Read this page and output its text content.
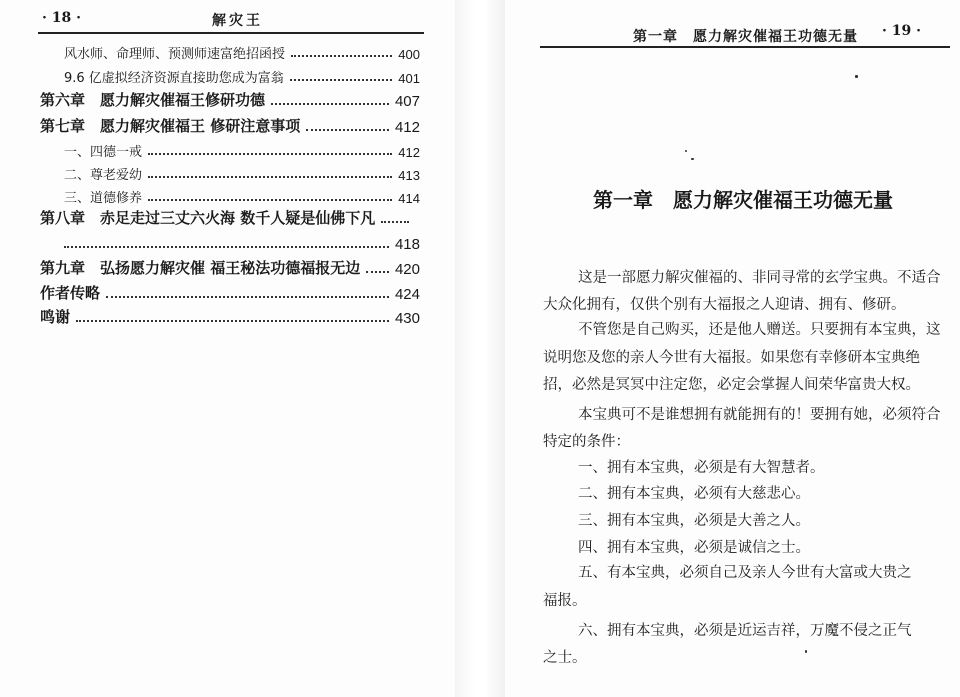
· 18 ·	解灾王
风水师、命理师、预测师速富绝招函授	400
9.6 亿虚拟经济资源直接助您成为富翁	401
第六章　愿力解灾催福王修研功德	407
第七章　愿力解灾催福王 修研注意事项	412
一、四德一戒	412
二、尊老爱幼	413
三、道德修养	414
第八章　赤足走过三丈六火海 数千人疑是仙佛下凡
418
第九章　弘扬愿力解灾催 福王秘法功德福报无边 420
作者传略	424
鸣谢	430
第一章　愿力解灾催福王功德无量 · 19 ·
第一章　愿力解灾催福王功德无量
这是一部愿力解灾催福的、非同寻常的玄学宝典。不适合
大众化拥有，仅供个别有大福报之人迎请、拥有、修研。
不管您是自己购买，还是他人赠送。只要拥有本宝典，这
说明您及您的亲人今世有大福报。如果您有幸修研本宝典绝
招，必然是冥冥中注定您，必定会掌握人间荣华富贵大权。
本宝典可不是谁想拥有就能拥有的！要拥有她，必须符合
特定的条件：
一、拥有本宝典，必须是有大智慧者。
二、拥有本宝典，必须有大慈悲心。
三、拥有本宝典，必须是大善之人。
四、拥有本宝典，必须是诚信之士。
五、有本宝典，必须自己及亲人今世有大富或大贵之
福报。
六、拥有本宝典，必须是近运吉祥，万魔不侵之正气
之士。
